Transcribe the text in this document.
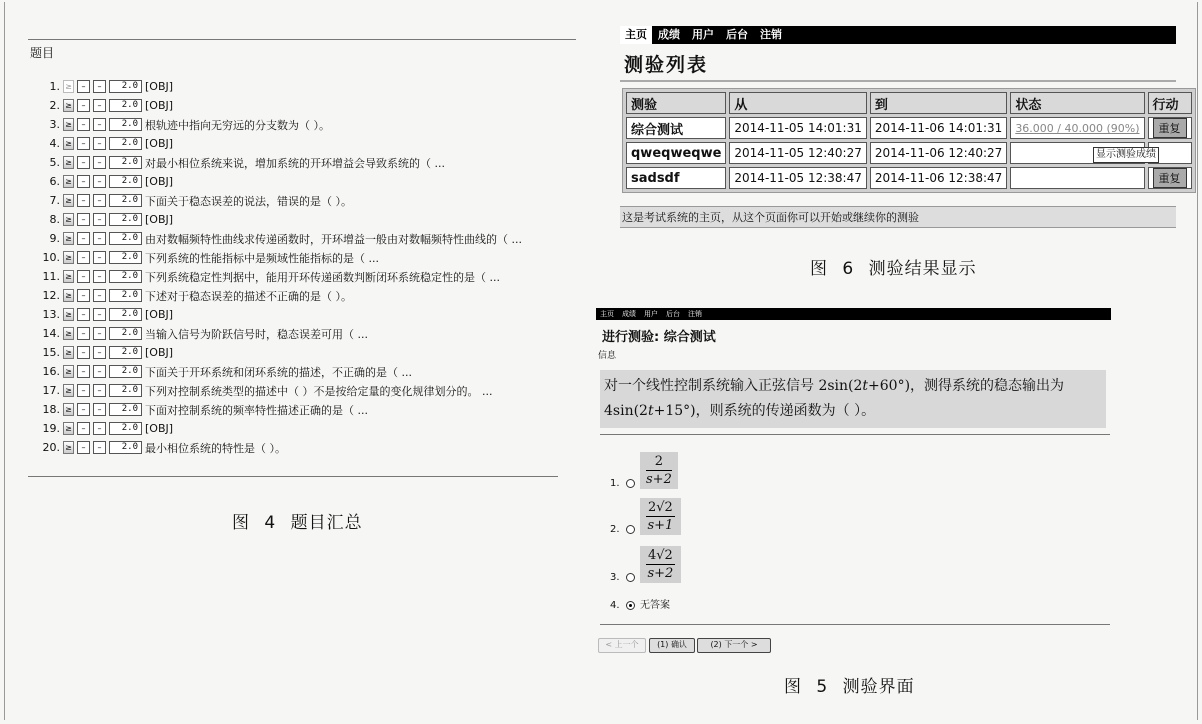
题目
1. ≥	–	–	2.0 [OBJ]
2. ≥	–	–	2.0 [OBJ]
3. ≥	–	–	2.0 根轨迹中指向无穷远的分支数为（ ）。
4. ≥	–	–	2.0 [OBJ]
5. ≥	–	–	2.0 对最小相位系统来说，增加系统的开环增益会导致系统的（ ...
6. ≥	–	–	2.0 [OBJ]
7. ≥	–	–	2.0 下面关于稳态误差的说法，错误的是（ ）。
8. ≥	–	–	2.0 [OBJ]
9. ≥	–	–	2.0 由对数幅频特性曲线求传递函数时，开环增益一般由对数幅频特性曲线的（ ...
10. ≥	–	–	2.0 下列系统的性能指标中是频域性能指标的是（ ...
11. ≥	–	–	2.0 下列系统稳定性判据中，能用开环传递函数判断闭环系统稳定性的是（ ...
12. ≥	–	–	2.0 下述对于稳态误差的描述不正确的是（ ）。
13. ≥	–	–	2.0 [OBJ]
14. ≥	–	–	2.0 当输入信号为阶跃信号时，稳态误差可用（ ...
15. ≥	–	–	2.0 [OBJ]
16. ≥	–	–	2.0 下面关于开环系统和闭环系统的描述，不正确的是（ ...
17. ≥	–	–	2.0 下列对控制系统类型的描述中（ ）不是按给定量的变化规律划分的。 ...
18. ≥	–	–	2.0 下面对控制系统的频率特性描述正确的是（ ...
19. ≥	–	–	2.0 [OBJ]
20. ≥	–	–	2.0 最小相位系统的特性是（ ）。
图 4 题目汇总
主页	成绩	用户	后台	注销
测验列表
测验	从	到	状态	行动
综合测试	2014-11-05 14:01:31	2014-11-06 14:01:31	36.000 / 40.000 (90%)	重复
qweqweqwe	2014-11-05 12:40:27	2014-11-06 12:40:27		
sadsdf	2014-11-05 12:38:47	2014-11-06 12:38:47		重复
显示测验成绩
这是考试系统的主页，从这个页面你可以开始或继续你的测验
图 6 测验结果显示
主页	成绩	用户	后台	注销
进行测验: 综合测试
信息
对一个线性控制系统输入正弦信号 2sin(2t+60°)，测得系统的稳态输出为
4sin(2t+15°)，则系统的传递函数为（ ）。
1. $\frac{2}{s+2}$
2. $\frac{2√2}{s+1}$
3. $\frac{4√2}{s+2}$
4. 无答案
< 上一个	(1) 确认	(2) 下一个 >
图 5 测验界面
